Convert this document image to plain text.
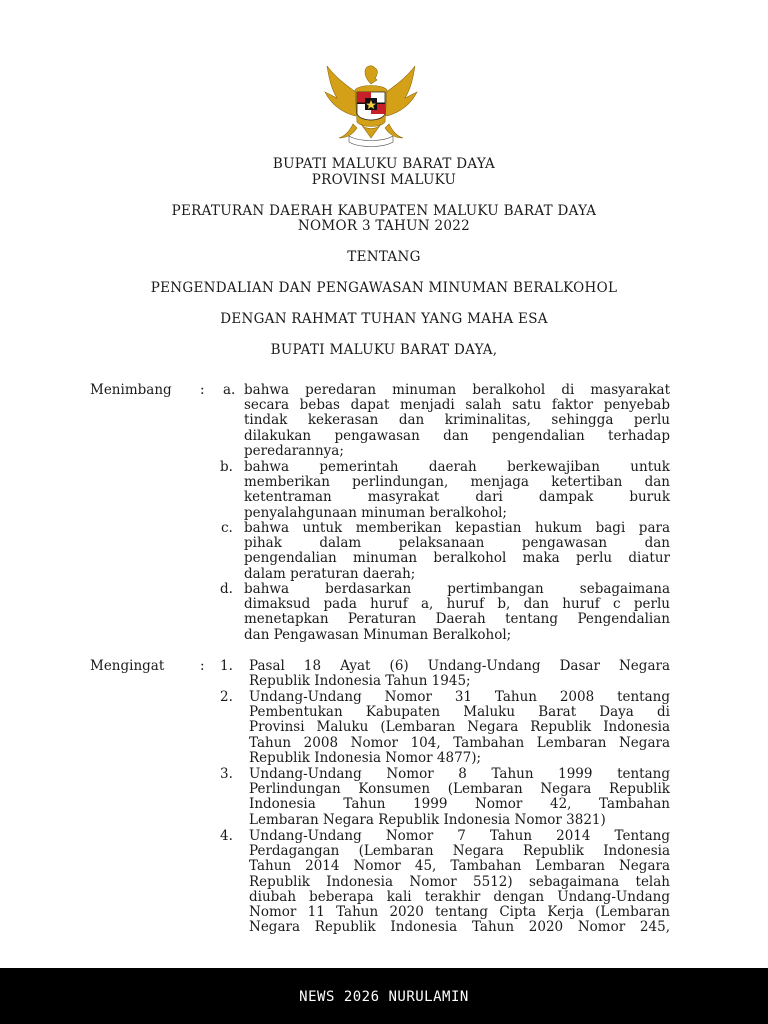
BUPATI MALUKU BARAT DAYA
PROVINSI MALUKU
PERATURAN DAERAH KABUPATEN MALUKU BARAT DAYA
NOMOR 3 TAHUN 2022
TENTANG
PENGENDALIAN DAN PENGAWASAN MINUMAN BERALKOHOL
DENGAN RAHMAT TUHAN YANG MAHA ESA
BUPATI MALUKU BARAT DAYA,
Menimbang : a. bahwa peredaran minuman beralkohol di masyarakat
secara bebas dapat menjadi salah satu faktor penyebab
tindak kekerasan dan kriminalitas, sehingga perlu
dilakukan pengawasan dan pengendalian terhadap
peredarannya;
b. bahwa pemerintah daerah berkewajiban untuk
memberikan perlindungan, menjaga ketertiban dan
ketentraman masyrakat dari dampak buruk
penyalahgunaan minuman beralkohol;
c. bahwa untuk memberikan kepastian hukum bagi para
pihak dalam pelaksanaan pengawasan dan
pengendalian minuman beralkohol maka perlu diatur
dalam peraturan daerah;
d. bahwa berdasarkan pertimbangan sebagaimana
dimaksud pada huruf a, huruf b, dan huruf c perlu
menetapkan Peraturan Daerah tentang Pengendalian
dan Pengawasan Minuman Beralkohol;
Mengingat	: 1. Pasal 18 Ayat (6) Undang-Undang Dasar Negara
Republik Indonesia Tahun 1945;
2. Undang-Undang Nomor 31 Tahun 2008 tentang
Pembentukan Kabupaten Maluku Barat Daya di
Provinsi Maluku (Lembaran Negara Republik Indonesia
Tahun 2008 Nomor 104, Tambahan Lembaran Negara
Republik Indonesia Nomor 4877);
3. Undang-Undang Nomor 8 Tahun 1999 tentang
Perlindungan Konsumen (Lembaran Negara Republik
Indonesia Tahun 1999 Nomor 42, Tambahan
Lembaran Negara Republik Indonesia Nomor 3821)
4. Undang-Undang Nomor 7 Tahun 2014 Tentang
Perdagangan (Lembaran Negara Republik Indonesia
Tahun 2014 Nomor 45, Tambahan Lembaran Negara
Republik Indonesia Nomor 5512) sebagaimana telah
diubah beberapa kali terakhir dengan Undang-Undang
Nomor 11 Tahun 2020 tentang Cipta Kerja (Lembaran
Negara Republik Indonesia Tahun 2020 Nomor 245,
NEWS 2026 NURULAMIN
